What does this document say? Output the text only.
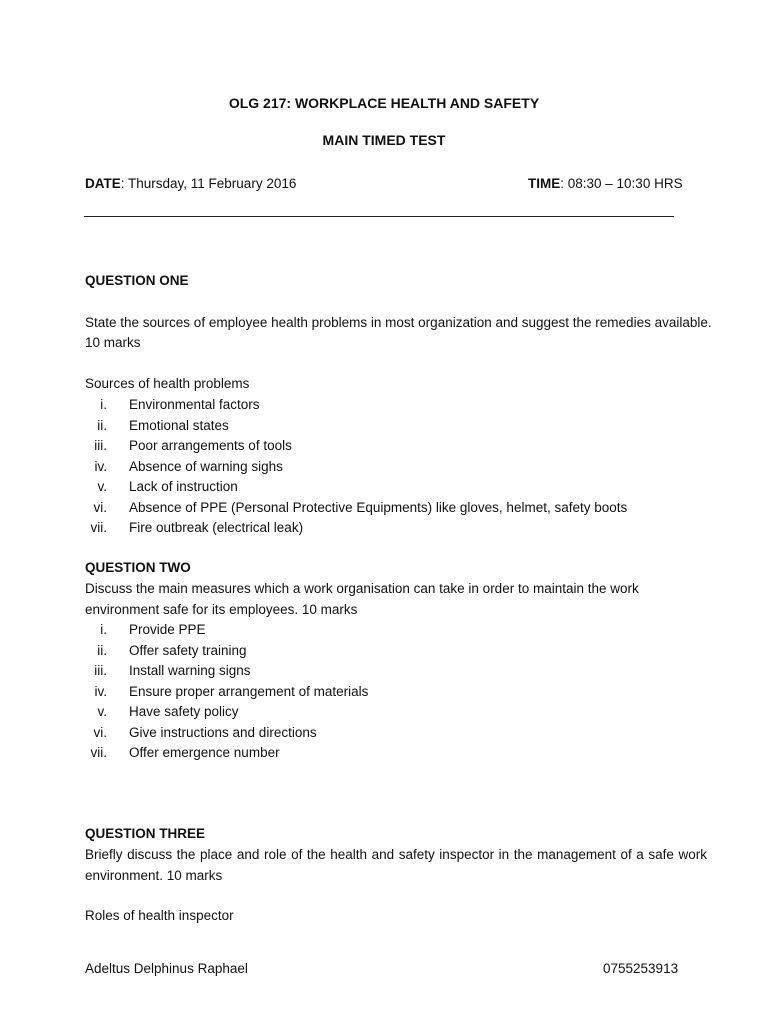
OLG 217: WORKPLACE HEALTH AND SAFETY
MAIN TIMED TEST
DATE: Thursday, 11 February 2016	TIME: 08:30 – 10:30 HRS
QUESTION ONE
State the sources of employee health problems in most organization and suggest the remedies available.
10 marks
Sources of health problems
i. Environmental factors
ii. Emotional states
iii. Poor arrangements of tools
iv. Absence of warning sighs
v. Lack of instruction
vi. Absence of PPE (Personal Protective Equipments) like gloves, helmet, safety boots
vii. Fire outbreak (electrical leak)
QUESTION TWO
Discuss the main measures which a work organisation can take in order to maintain the work environment safe for its employees. 10 marks
i. Provide PPE
ii. Offer safety training
iii. Install warning signs
iv. Ensure proper arrangement of materials
v. Have safety policy
vi. Give instructions and directions
vii. Offer emergence number
QUESTION THREE
Briefly discuss the place and role of the health and safety inspector in the management of a safe work environment. 10 marks
Roles of health inspector
Adeltus Delphinus Raphael	0755253913
